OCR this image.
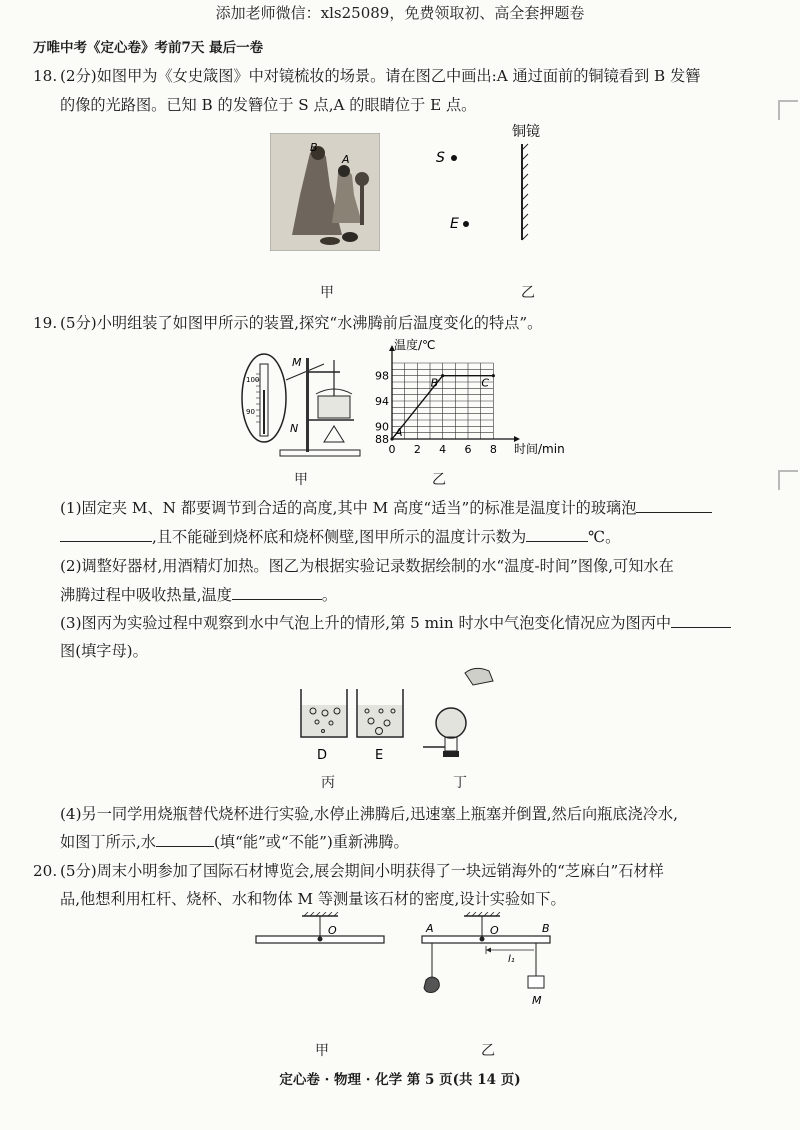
添加老师微信：xls25089，免费领取初、高全套押题卷
万唯中考《定心卷》考前7天 最后一卷
18. (2分)如图甲为《女史箴图》中对镜梳妆的场景。请在图乙中画出:A 通过面前的铜镜看到 B 发簪
的像的光路图。已知 B 的发簪位于 S 点,A 的眼睛位于 E 点。
B
A
铜镜
S
E
甲	乙
19. (5分)小明组装了如图甲所示的装置,探究“水沸腾前后温度变化的特点”。
100
90
M
N
0 2 4 6 8
88
90
94
98
A
B	C
温度/℃
时间/min
甲	乙
(1)固定夹 M、N 都要调节到合适的高度,其中 M 高度“适当”的标准是温度计的玻璃泡
,且不能碰到烧杯底和烧杯侧壁,图甲所示的温度计示数为	℃。
(2)调整好器材,用酒精灯加热。图乙为根据实验记录数据绘制的水“温度-时间”图像,可知水在
沸腾过程中吸收热量,温度	。
(3)图丙为实验过程中观察到水中气泡上升的情形,第 5 min 时水中气泡变化情况应为图丙中
图(填字母)。
D	E
丙	丁
(4)另一同学用烧瓶替代烧杯进行实验,水停止沸腾后,迅速塞上瓶塞并倒置,然后向瓶底浇冷水,
如图丁所示,水	(填“能”或“不能”)重新沸腾。
20. (5分)周末小明参加了国际石材博览会,展会期间小明获得了一块远销海外的“芝麻白”石材样
品,他想利用杠杆、烧杯、水和物体 M 等测量该石材的密度,设计实验如下。
O	A	O	B
l₁
M
甲	乙
定心卷 · 物理 · 化学 第 5 页(共 14 页)
